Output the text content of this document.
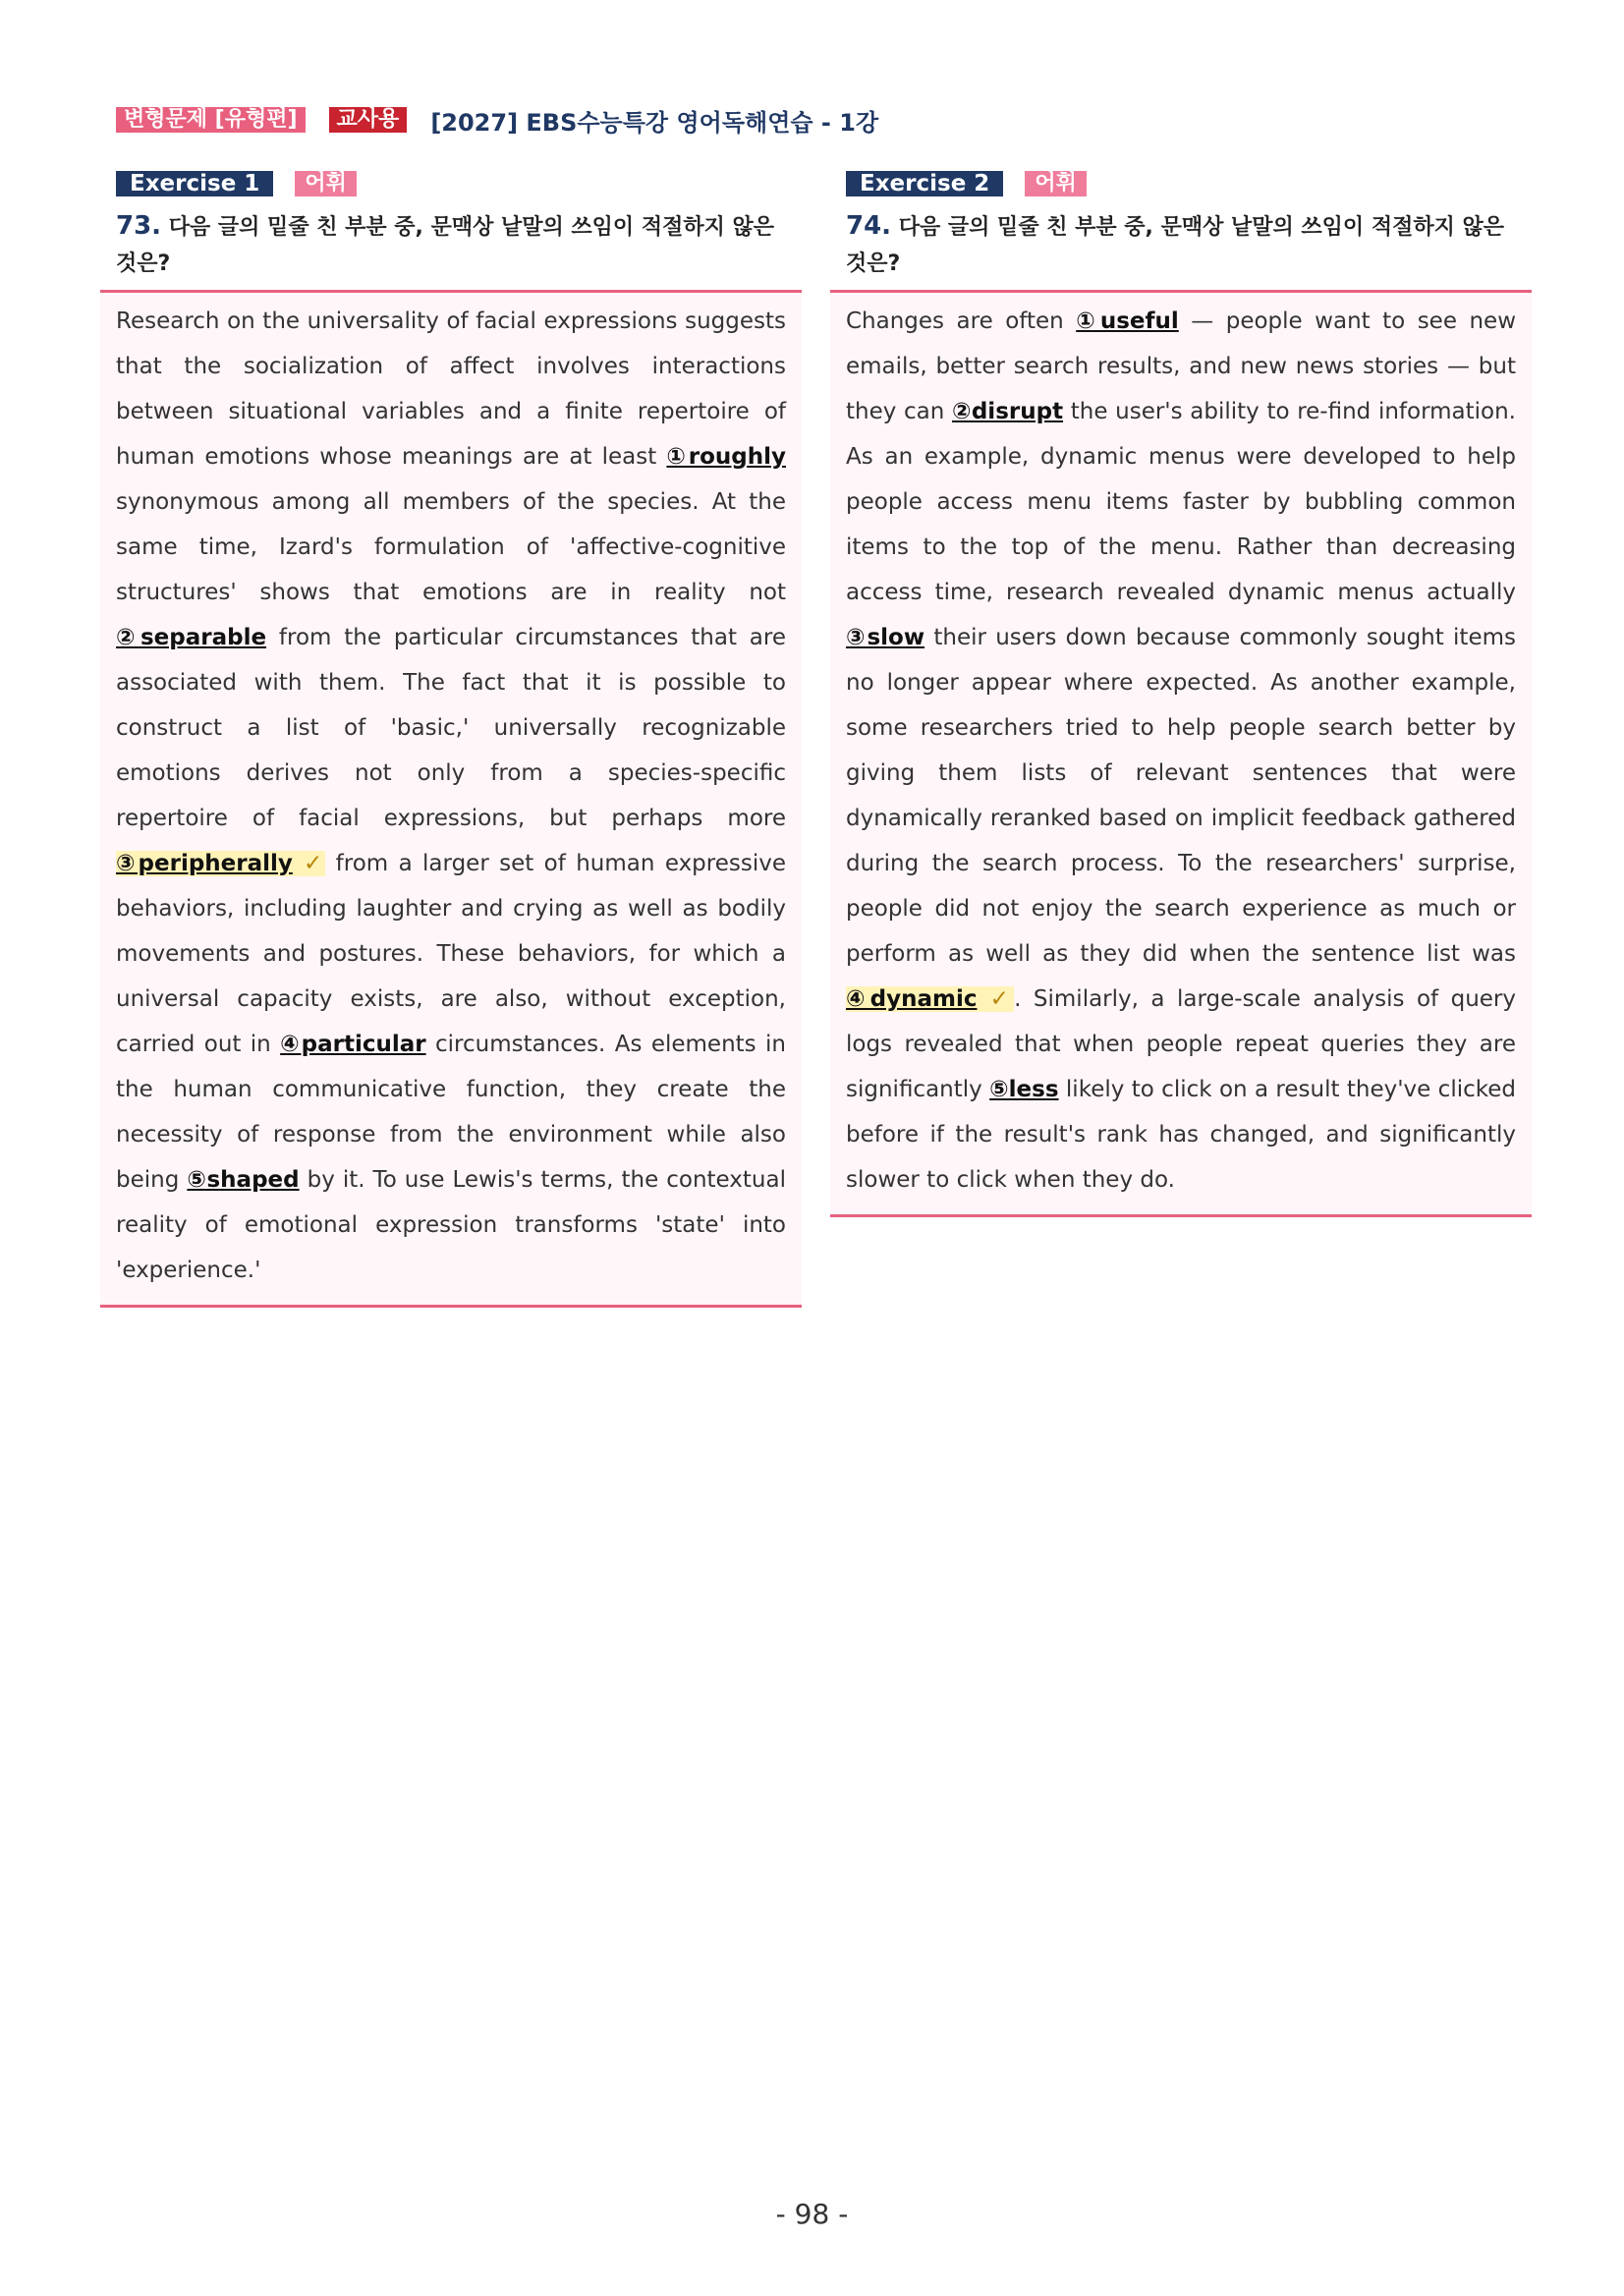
변형문제 [유형편]	교사용	[2027] EBS수능특강 영어독해연습 - 1강
Exercise 1	어휘
73. 다음 글의 밑줄 친 부분 중, 문맥상 낱말의 쓰임이 적절하지 않은 것은?

Research on the universality of facial expressions suggests that the socialization of affect involves interactions between situational variables and a finite repertoire of human emotions whose meanings are at least ①roughly synonymous among all members of the species. At the same time, Izard's formulation of 'affective-cognitive structures' shows that emotions are in reality not ②separable from the particular circumstances that are associated with them. The fact that it is possible to construct a list of 'basic,' universally recognizable emotions derives not only from a species-specific repertoire of facial expressions, but perhaps more ③peripherally ✓ from a larger set of human expressive behaviors, including laughter and crying as well as bodily movements and postures. These behaviors, for which a universal capacity exists, are also, without exception, carried out in ④particular circumstances. As elements in the human communicative function, they create the necessity of response from the environment while also being ⑤shaped by it. To use Lewis's terms, the contextual reality of emotional expression transforms 'state' into 'experience.'

Exercise 2	어휘
74. 다음 글의 밑줄 친 부분 중, 문맥상 낱말의 쓰임이 적절하지 않은 것은?

Changes are often ①useful — people want to see new emails, better search results, and new news stories — but they can ②disrupt the user's ability to re-find information. As an example, dynamic menus were developed to help people access menu items faster by bubbling common items to the top of the menu. Rather than decreasing access time, research revealed dynamic menus actually ③slow their users down because commonly sought items no longer appear where expected. As another example, some researchers tried to help people search better by giving them lists of relevant sentences that were dynamically reranked based on implicit feedback gathered during the search process. To the researchers' surprise, people did not enjoy the search experience as much or perform as well as they did when the sentence list was ④dynamic ✓. Similarly, a large-scale analysis of query logs revealed that when people repeat queries they are significantly ⑤less likely to click on a result they've clicked before if the result's rank has changed, and significantly slower to click when they do.

- 98 -
